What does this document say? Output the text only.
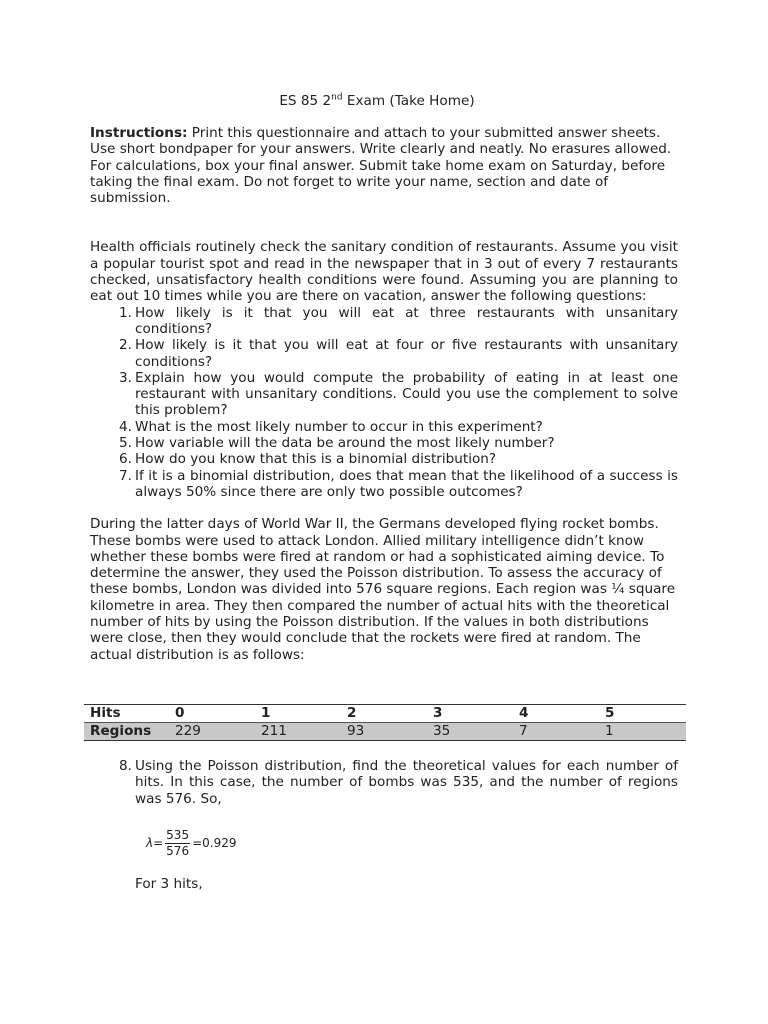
ES 85 2nd Exam (Take Home)

Instructions: Print this questionnaire and attach to your submitted answer sheets. Use short bondpaper for your answers. Write clearly and neatly. No erasures allowed. For calculations, box your final answer. Submit take home exam on Saturday, before taking the final exam. Do not forget to write your name, section and date of submission.

Health officials routinely check the sanitary condition of restaurants. Assume you visit a popular tourist spot and read in the newspaper that in 3 out of every 7 restaurants checked, unsatisfactory health conditions were found. Assuming you are planning to eat out 10 times while you are there on vacation, answer the following questions:

1. How likely is it that you will eat at three restaurants with unsanitary conditions?
2. How likely is it that you will eat at four or five restaurants with unsanitary conditions?
3. Explain how you would compute the probability of eating in at least one restaurant with unsanitary conditions. Could you use the complement to solve this problem?
4. What is the most likely number to occur in this experiment?
5. How variable will the data be around the most likely number?
6. How do you know that this is a binomial distribution?
7. If it is a binomial distribution, does that mean that the likelihood of a success is always 50% since there are only two possible outcomes?

During the latter days of World War II, the Germans developed flying rocket bombs. These bombs were used to attack London. Allied military intelligence didn’t know whether these bombs were fired at random or had a sophisticated aiming device. To determine the answer, they used the Poisson distribution. To assess the accuracy of these bombs, London was divided into 576 square regions. Each region was ¼ square kilometre in area. They then compared the number of actual hits with the theoretical number of hits by using the Poisson distribution. If the values in both distributions were close, then they would conclude that the rockets were fired at random. The actual distribution is as follows:

Hits	0	1	2	3	4	5
Regions	229	211	93	35	7	1
8. Using the Poisson distribution, find the theoretical values for each number of hits. In this case, the number of bombs was 535, and the number of regions was 576. So,
$\lambda = \frac{535}{576} =0.929$
For 3 hits,
